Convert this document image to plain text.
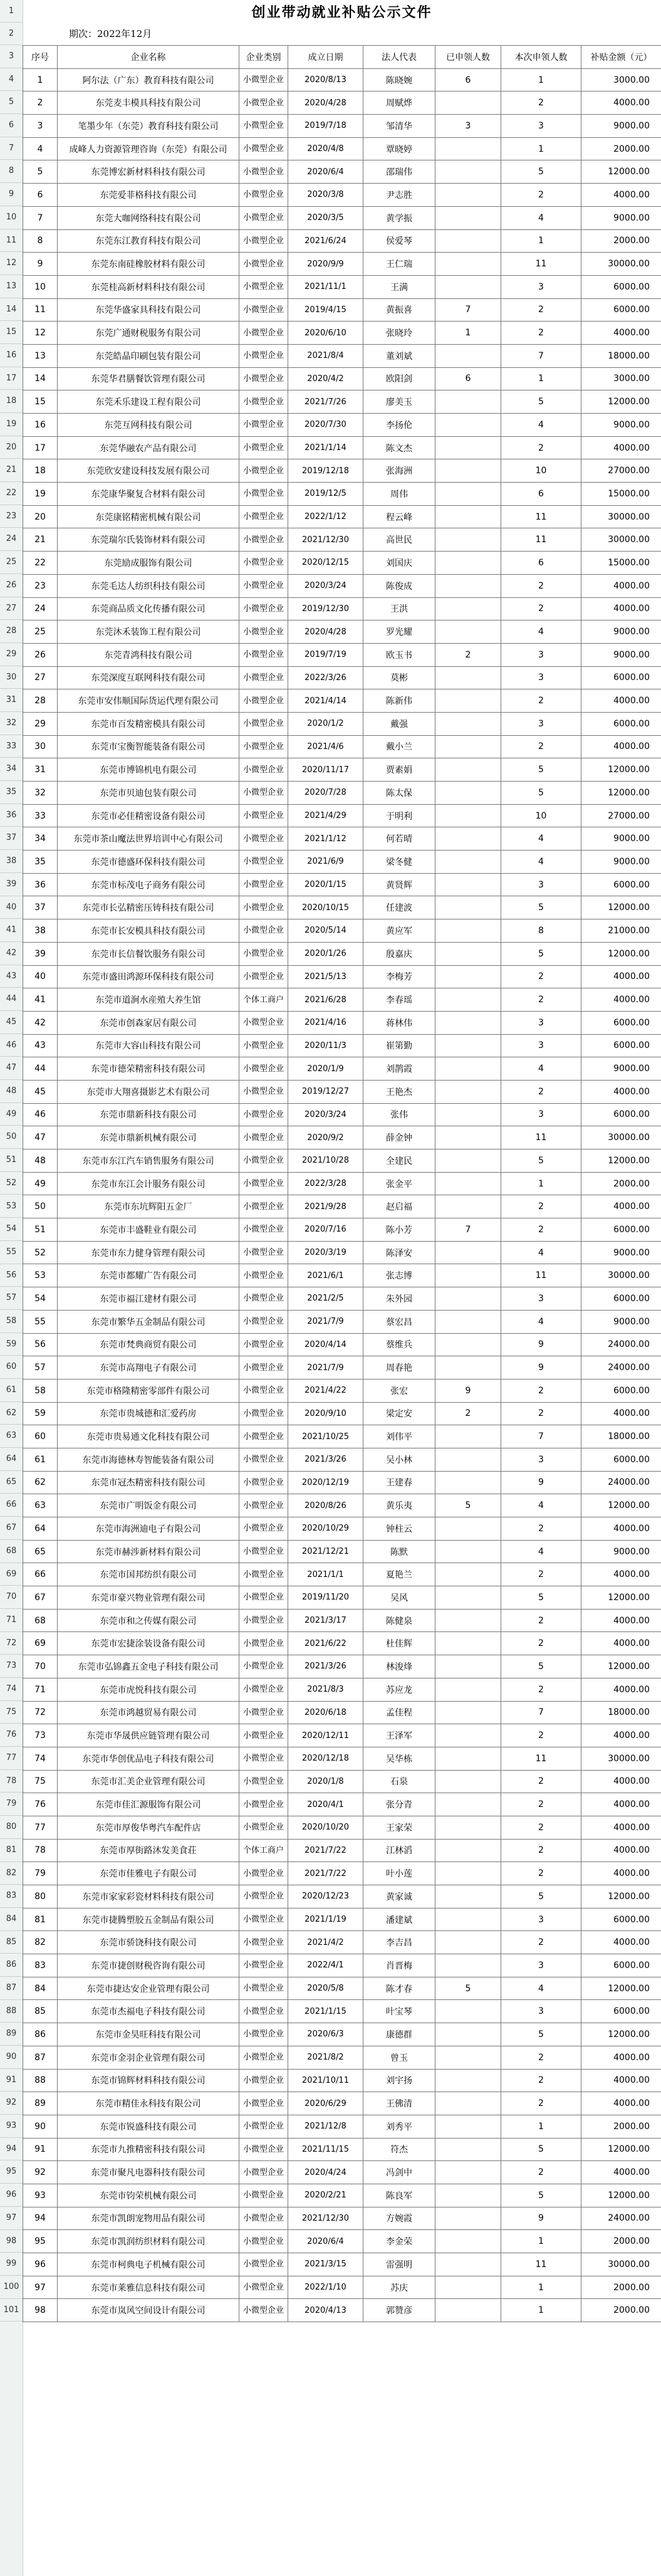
1
2
3
4
5
6
7
8
9
10
11
12
13
14
15
16
17
18
19
20
21
22
23
24
25
26
27
28
29
30
31
32
33
34
35
36
37
38
39
40
41
42
43
44
45
46
47
48
49
50
51
52
53
54
55
56
57
58
59
60
61
62
63
64
65
66
67
68
69
70
71
72
73
74
75
76
77
78
79
80
81
82
83
84
85
86
87
88
89
90
91
92
93
94
95
96
97
98
99
100
101
创业带动就业补贴公示文件
期次：2022年12月
序号	企业名称	企业类别	成立日期	法人代表	已申领人数	本次申领人数	补贴金额（元）
1	阿尔法（广东）教育科技有限公司	小微型企业	2020/8/13	陈晓婉	6	1	3000.00
2	东莞麦丰模具科技有限公司	小微型企业	2020/4/28	周赋烨		2	4000.00
3	笔墨少年（东莞）教育科技有限公司	小微型企业	2019/7/18	邹清华	3	3	9000.00
4	成峰人力资源管理咨询（东莞）有限公司	小微型企业	2020/4/8	覃晓婷		1	2000.00
5	东莞博宏新材料科技有限公司	小微型企业	2020/6/4	邵瑞伟		5	12000.00
6	东莞爱菲格科技有限公司	小微型企业	2020/3/8	尹志胜		2	4000.00
7	东莞大咖网络科技有限公司	小微型企业	2020/3/5	黄学振		4	9000.00
8	东莞东江教育科技有限公司	小微型企业	2021/6/24	侯爱琴		1	2000.00
9	东莞东南硅橡胶材料有限公司	小微型企业	2020/9/9	王仁瑞		11	30000.00
10	东莞桂高新材料科技有限公司	小微型企业	2021/11/1	王满		3	6000.00
11	东莞华盛家具科技有限公司	小微型企业	2019/4/15	黄振喜	7	2	6000.00
12	东莞广通财税服务有限公司	小微型企业	2020/6/10	张晓玲	1	2	4000.00
13	东莞皓晶印刷包装有限公司	小微型企业	2021/8/4	董刘斌		7	18000.00
14	东莞华君膳餐饮管理有限公司	小微型企业	2020/4/2	欧阳剑	6	1	3000.00
15	东莞禾乐建设工程有限公司	小微型企业	2021/7/26	廖美玉		5	12000.00
16	东莞互网科技有限公司	小微型企业	2020/7/30	李扬伦		4	9000.00
17	东莞华融农产品有限公司	小微型企业	2021/1/14	陈文杰		2	4000.00
18	东莞欣安建设科技发展有限公司	小微型企业	2019/12/18	张海洲		10	27000.00
19	东莞康华聚复合材料有限公司	小微型企业	2019/12/5	周伟		6	15000.00
20	东莞康铭精密机械有限公司	小微型企业	2022/1/12	程云峰		11	30000.00
21	东莞瑞尔氏装饰材料有限公司	小微型企业	2021/12/30	高世民		11	30000.00
22	东莞励成服饰有限公司	小微型企业	2020/12/15	刘国庆		6	15000.00
23	东莞毛达人纺织科技有限公司	小微型企业	2020/3/24	陈俊成		2	4000.00
24	东莞商品质文化传播有限公司	小微型企业	2019/12/30	王洪		2	4000.00
25	东莞沐禾装饰工程有限公司	小微型企业	2020/4/28	罗光耀		4	9000.00
26	东莞青鸿科技有限公司	小微型企业	2019/7/19	欧玉书	2	3	9000.00
27	东莞深度互联网科技有限公司	小微型企业	2022/3/26	莫彬		3	6000.00
28	东莞市安伟顺国际货运代理有限公司	小微型企业	2021/4/14	陈新伟		2	4000.00
29	东莞市百发精密模具有限公司	小微型企业	2020/1/2	戴强		3	6000.00
30	东莞市宝衡智能装备有限公司	小微型企业	2021/4/6	戴小兰		2	4000.00
31	东莞市博锦机电有限公司	小微型企业	2020/11/17	贾素娟		5	12000.00
32	东莞市贝迪包装有限公司	小微型企业	2020/7/28	陈太保		5	12000.00
33	东莞市必佳精密设备有限公司	小微型企业	2021/4/29	于明利		10	27000.00
34	东莞市茶山魔法世界培训中心有限公司	小微型企业	2021/1/12	何若晴		4	9000.00
35	东莞市德盛环保科技有限公司	小微型企业	2021/6/9	梁冬健		4	9000.00
36	东莞市标茂电子商务有限公司	小微型企业	2020/1/15	黄贤辉		3	6000.00
37	东莞市长弘精密压铸科技有限公司	小微型企业	2020/10/15	任建波		5	12000.00
38	东莞市长安模具科技有限公司	小微型企业	2020/5/14	黄应军		8	21000.00
39	东莞市长信餐饮服务有限公司	小微型企业	2020/1/26	殷嘉庆		5	12000.00
40	东莞市盛田鸿源环保科技有限公司	小微型企业	2021/5/13	李梅芳		2	4000.00
41	东莞市道涧水産殖大养生馆	个体工商户	2021/6/28	李春瑶		2	4000.00
42	东莞市创森家居有限公司	小微型企业	2021/4/16	蒋林伟		3	6000.00
43	东莞市大容山科技有限公司	小微型企业	2020/11/3	崔第勤		3	6000.00
44	东莞市德荣精密科技有限公司	小微型企业	2020/1/9	刘鹊霞		4	9000.00
45	东莞市大翔喜摄影艺术有限公司	小微型企业	2019/12/27	王艳杰		2	4000.00
46	东莞市鼎新科技有限公司	小微型企业	2020/3/24	张伟		3	6000.00
47	东莞市鼎新机械有限公司	小微型企业	2020/9/2	薛金钟		11	30000.00
48	东莞市东江汽车销售服务有限公司	小微型企业	2021/10/28	全建民		5	12000.00
49	东莞市东江会计服务有限公司	小微型企业	2022/3/28	张金平		1	2000.00
50	东莞市东坑辉阳五金厂	小微型企业	2021/9/28	赵启福		2	4000.00
51	东莞市丰盛鞋业有限公司	小微型企业	2020/7/16	陈小芳	7	2	6000.00
52	东莞市东力健身管理有限公司	小微型企业	2020/3/19	陈泽安		4	9000.00
53	东莞市都耀广告有限公司	小微型企业	2021/6/1	张志博		11	30000.00
54	东莞市福江建材有限公司	小微型企业	2021/2/5	朱外园		3	6000.00
55	东莞市繁华五金制品有限公司	小微型企业	2021/7/9	蔡宏昌		4	9000.00
56	东莞市梵典商贸有限公司	小微型企业	2020/4/14	蔡维兵		9	24000.00
57	东莞市高翔电子有限公司	小微型企业	2021/7/9	周春艳		9	24000.00
58	东莞市格隆精密零部件有限公司	小微型企业	2021/4/22	张宏	9	2	6000.00
59	东莞市贵城德和汇爱药房	小微型企业	2020/9/10	梁定安	2	2	4000.00
60	东莞市贵易通文化科技有限公司	小微型企业	2021/10/25	刘伟平		7	18000.00
61	东莞市海德林寿智能装备有限公司	小微型企业	2021/3/26	吴小林		3	6000.00
62	东莞市冠杰精密科技有限公司	小微型企业	2020/12/19	王建春		9	24000.00
63	东莞市广明饭金有限公司	小微型企业	2020/8/26	黄乐夷	5	4	12000.00
64	东莞市海洲迪电子有限公司	小微型企业	2020/10/29	钟柱云		2	4000.00
65	东莞市赫涉新材料有限公司	小微型企业	2021/12/21	陈默		4	9000.00
66	东莞市国邦纺织有限公司	小微型企业	2021/1/1	夏艳兰		2	4000.00
67	东莞市豪兴物业管理有限公司	小微型企业	2019/11/20	吴风		5	12000.00
68	东莞市和之传媒有限公司	小微型企业	2021/3/17	陈健泉		2	4000.00
69	东莞市宏捷涂装设备有限公司	小微型企业	2021/6/22	杜佳辉		2	4000.00
70	东莞市弘锦鑫五金电子科技有限公司	小微型企业	2021/3/26	林浚烽		5	12000.00
71	东莞市虎悦科技有限公司	小微型企业	2021/8/3	苏应龙		2	4000.00
72	东莞市鸿越贸易有限公司	小微型企业	2020/6/18	孟佳程		7	18000.00
73	东莞市华晟供应链管理有限公司	小微型企业	2020/12/11	王泽军		2	4000.00
74	东莞市华创优品电子科技有限公司	小微型企业	2020/12/18	吴华栋		11	30000.00
75	东莞市汇美企业管理有限公司	小微型企业	2020/1/8	石泉		2	4000.00
76	东莞市佳汇源服饰有限公司	小微型企业	2020/4/1	张分青		2	4000.00
77	东莞市厚俊华粤汽车配件店	小微型企业	2020/10/20	王家荣		2	4000.00
78	东莞市厚街路沐发美食荘	个体工商户	2021/7/22	江林滔		2	4000.00
79	东莞市佳雅电子有限公司	小微型企业	2021/7/22	叶小莲		2	4000.00
80	东莞市家家彩瓷材料科技有限公司	小微型企业	2020/12/23	黄家诚		5	12000.00
81	东莞市捷腾塑胶五金制品有限公司	小微型企业	2021/1/19	潘建斌		3	6000.00
82	东莞市骄饶科技有限公司	小微型企业	2021/4/2	李吉昌		2	4000.00
83	东莞市捷创财税咨询有限公司	小微型企业	2022/4/1	肖晋梅		3	6000.00
84	东莞市捷达安企业管理有限公司	小微型企业	2020/5/8	陈才春	5	4	12000.00
85	东莞市杰福电子科技有限公司	小微型企业	2021/1/15	叶宝琴		3	6000.00
86	东莞市金昊旺科技有限公司	小微型企业	2020/6/3	康德群		5	12000.00
87	东莞市金羽企业管理有限公司	小微型企业	2021/8/2	曾玉		2	4000.00
88	东莞市锦辉材料科技有限公司	小微型企业	2021/10/11	刘宇扬		2	4000.00
89	东莞市精佳永科技有限公司	小微型企业	2020/6/29	王佛清		2	4000.00
90	东莞市锐盛科技有限公司	小微型企业	2021/12/8	刘秀平		1	2000.00
91	东莞市九推精密科技有限公司	小微型企业	2021/11/15	符杰		5	12000.00
92	东莞市聚凡电器科技有限公司	小微型企业	2020/4/24	冯剑中		2	4000.00
93	东莞市钧荣机械有限公司	小微型企业	2020/2/21	陈良军		5	12000.00
94	东莞市凯朗宠物用品有限公司	小微型企业	2021/12/30	方婉霞		9	24000.00
95	东莞市凯润纺织材料有限公司	小微型企业	2020/6/4	李金荣		1	2000.00
96	东莞市柯典电子机械有限公司	小微型企业	2021/3/15	雷强明		11	30000.00
97	东莞市莱雅信息科技有限公司	小微型企业	2022/1/10	苏庆		1	2000.00
98	东莞市岚风空间设计有限公司	小微型企业	2020/4/13	郭赞彦		1	2000.00
